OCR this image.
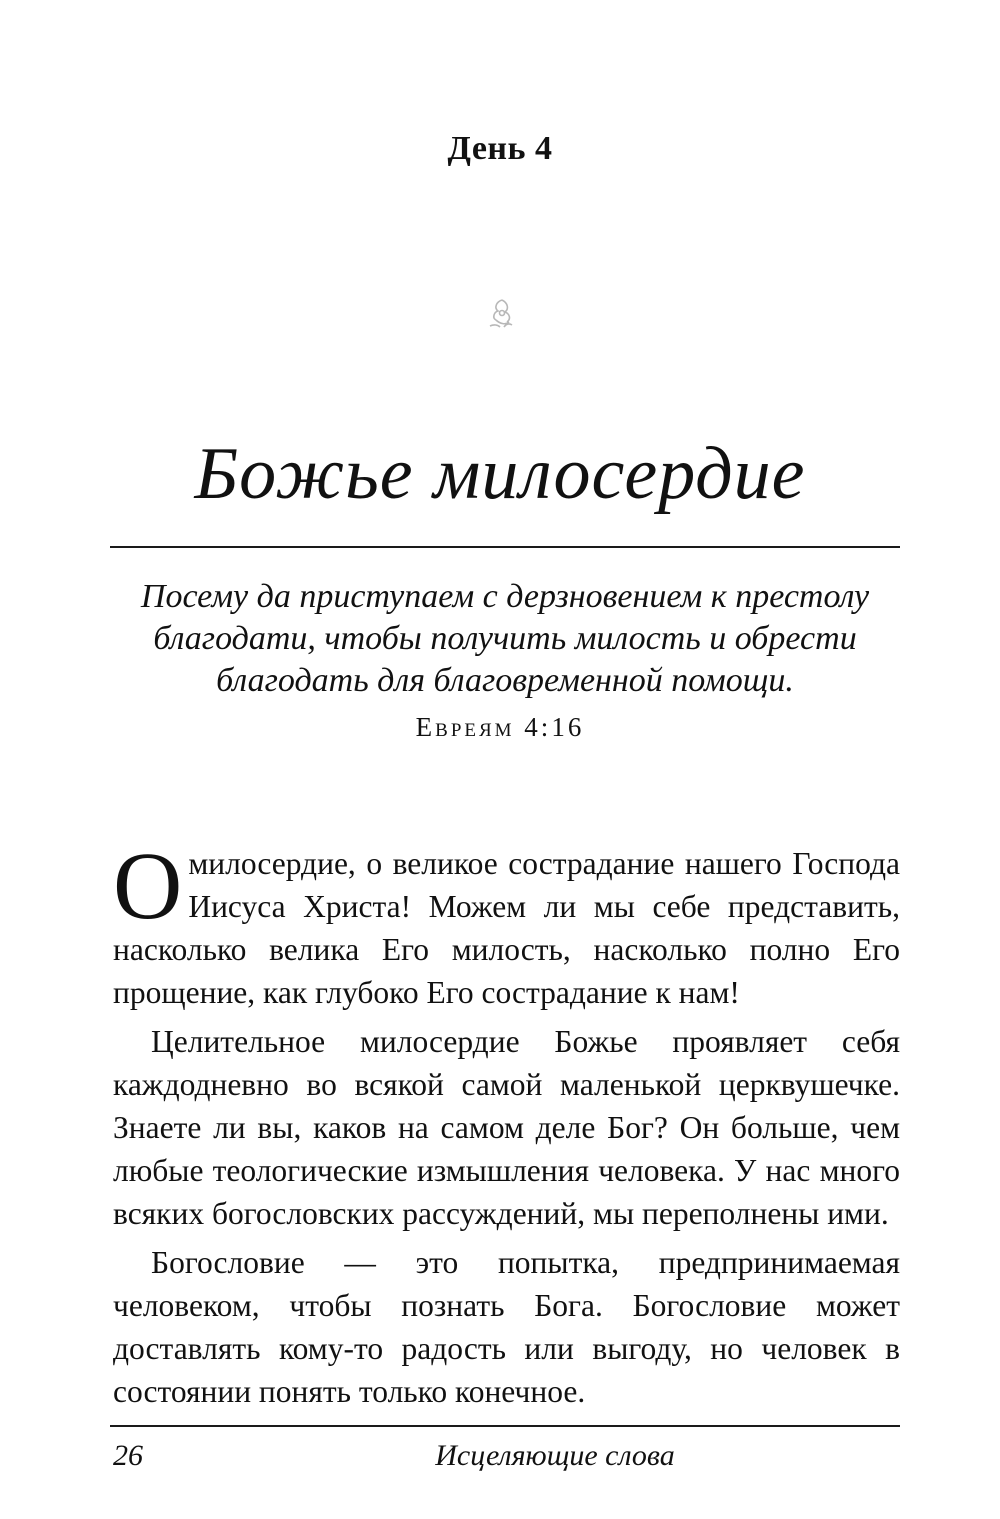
День 4
Божье милосердие
Посему да приступаем с дерзновением к престолу благодати, чтобы получить милость и обрести благодать для благовременной помощи.
Евреям 4:16

О милосердие, о великое сострадание нашего Господа Иисуса Христа! Можем ли мы себе представить, насколько велика Его милость, насколько полно Его прощение, как глубоко Его сострадание к нам!

Целительное милосердие Божье проявляет себя каждодневно во всякой самой маленькой церквушечке. Знаете ли вы, каков на самом деле Бог? Он больше, чем любые теологические измышления человека. У нас много всяких богословских рассуждений, мы переполнены ими.

Богословие — это попытка, предпринимаемая человеком, чтобы познать Бога. Богословие может доставлять кому-то радость или выгоду, но человек в состоянии понять только конечное.

26	Исцеляющие слова
